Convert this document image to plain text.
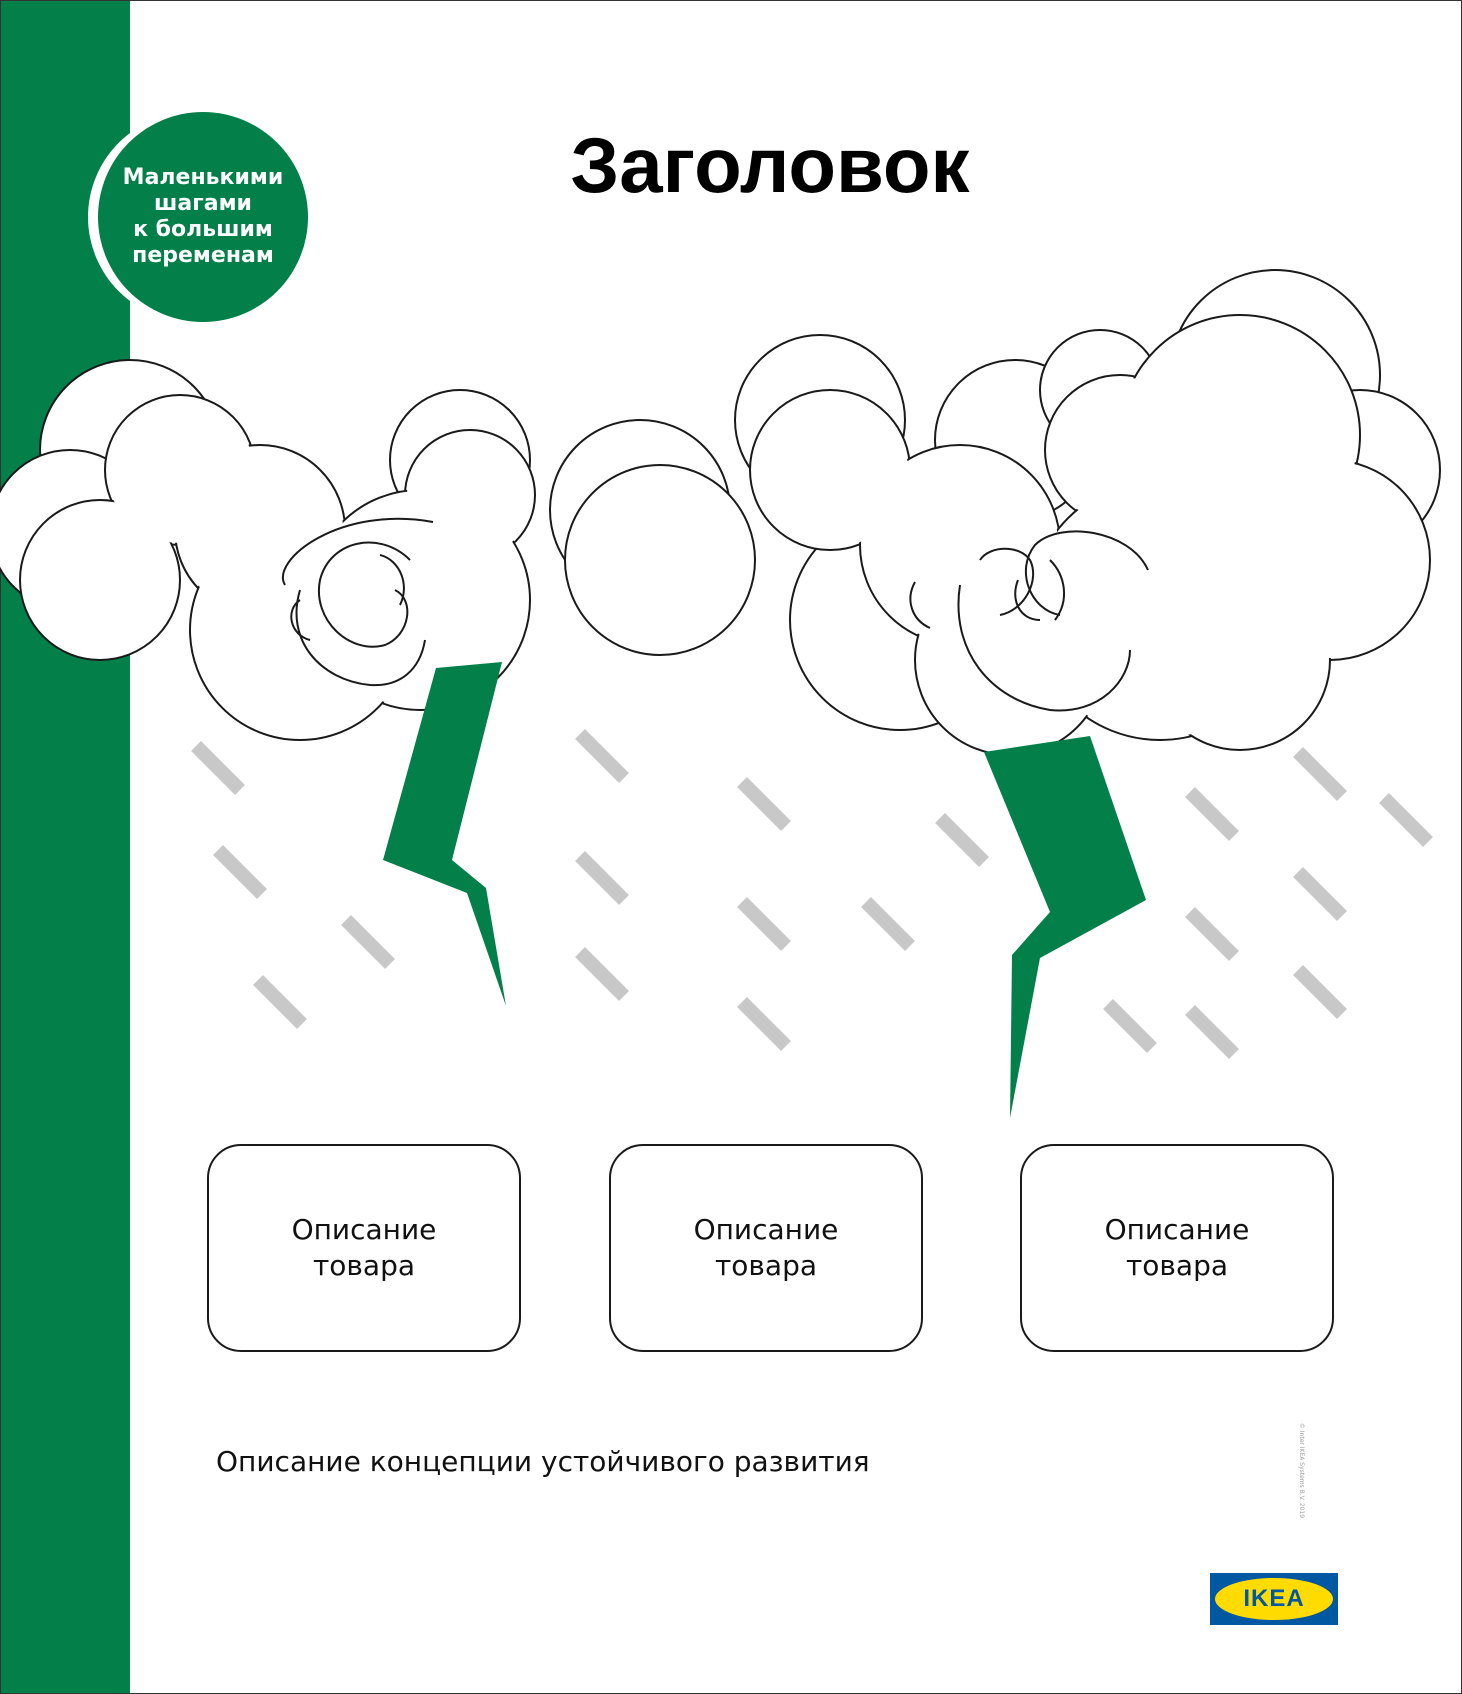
Маленькими
шагами
к большим
переменам
Заголовок
Описание
товара
Описание
товара
Описание
товара
Описание концепции устойчивого развития	© Inter IKEA Systems B.V. 2019
IKEA
